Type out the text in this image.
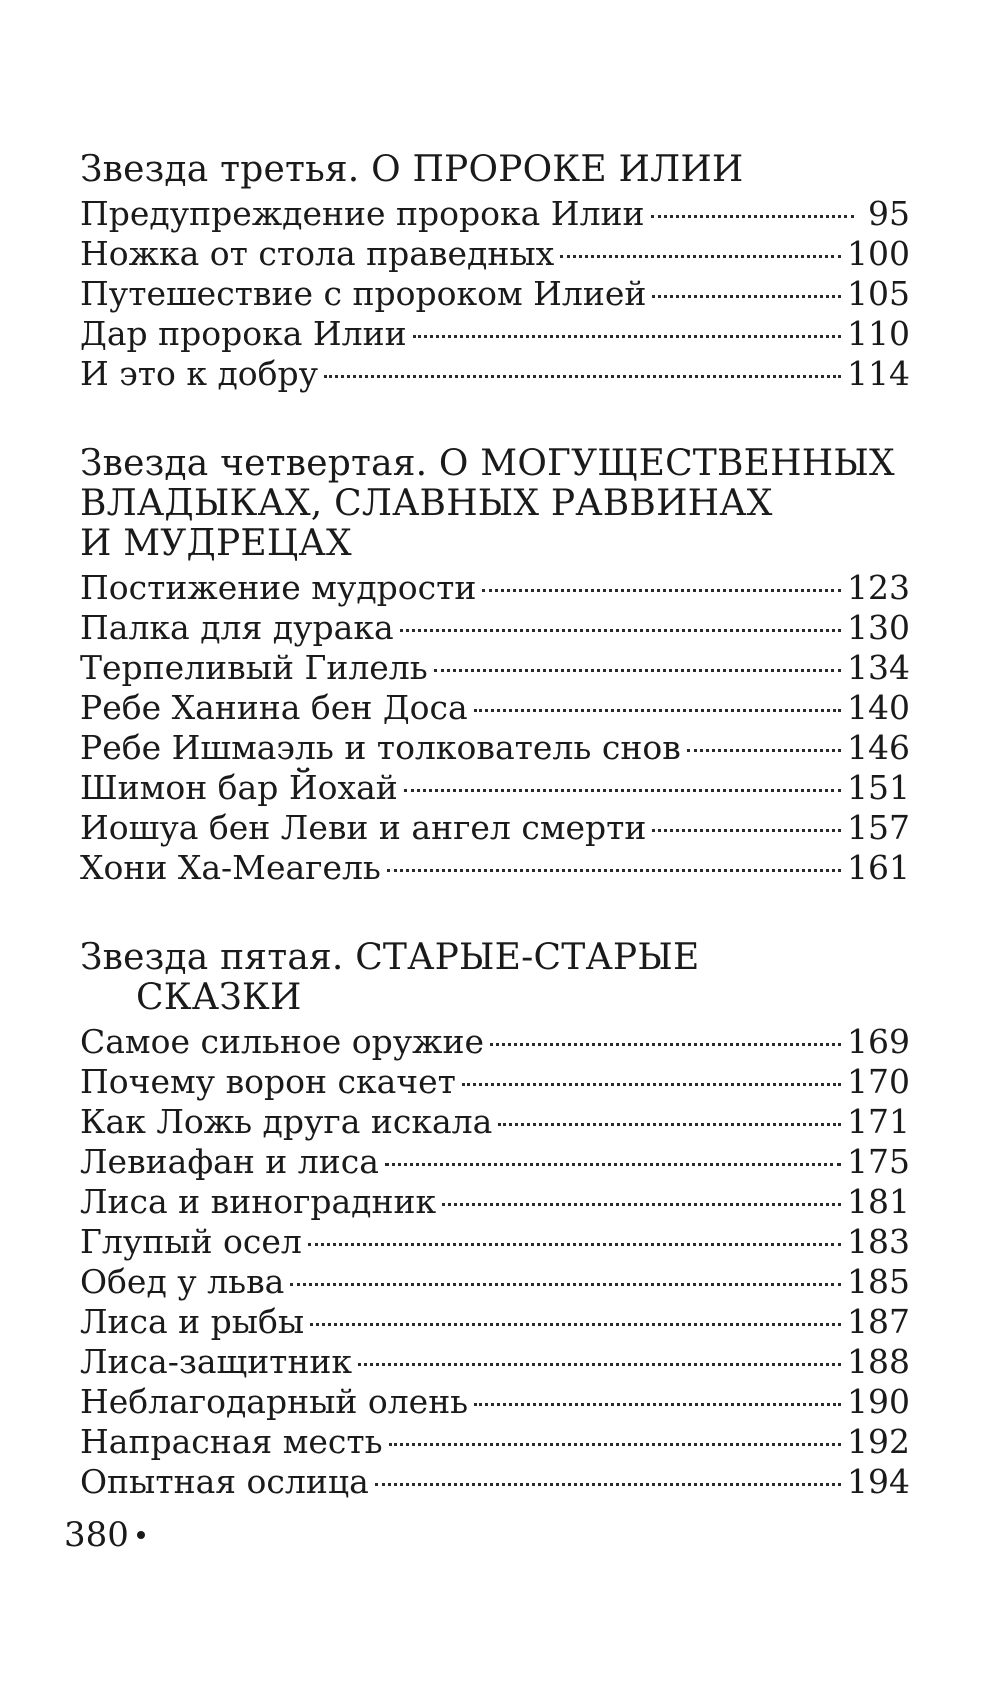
Звезда третья. О ПРОРОКЕ ИЛИИ
Предупреждение пророка Илии	95
Ножка от стола праведных	100
Путешествие с пророком Илией	105
Дар пророка Илии	110
И это к добру	114
Звезда четвертая. О МОГУЩЕСТВЕННЫХ
ВЛАДЫКАХ, СЛАВНЫХ РАВВИНАХ
И МУДРЕЦАХ
Постижение мудрости	123
Палка для дурака	130
Терпеливый Гилель	134
Ребе Ханина бен Доса	140
Ребе Ишмаэль и толкователь снов	146
Шимон бар Йохай	151
Иошуа бен Леви и ангел смерти	157
Хони Ха-Меагель	161
Звезда пятая. СТАРЫЕ-СТАРЫЕ
СКАЗКИ
Самое сильное оружие	169
Почему ворон скачет	170
Как Ложь друга искала	171
Левиафан и лиса	175
Лиса и виноградник	181
Глупый осел	183
Обед у льва	185
Лиса и рыбы	187
Лиса-защитник	188
Неблагодарный олень	190
Напрасная месть	192
Опытная ослица	194
380
